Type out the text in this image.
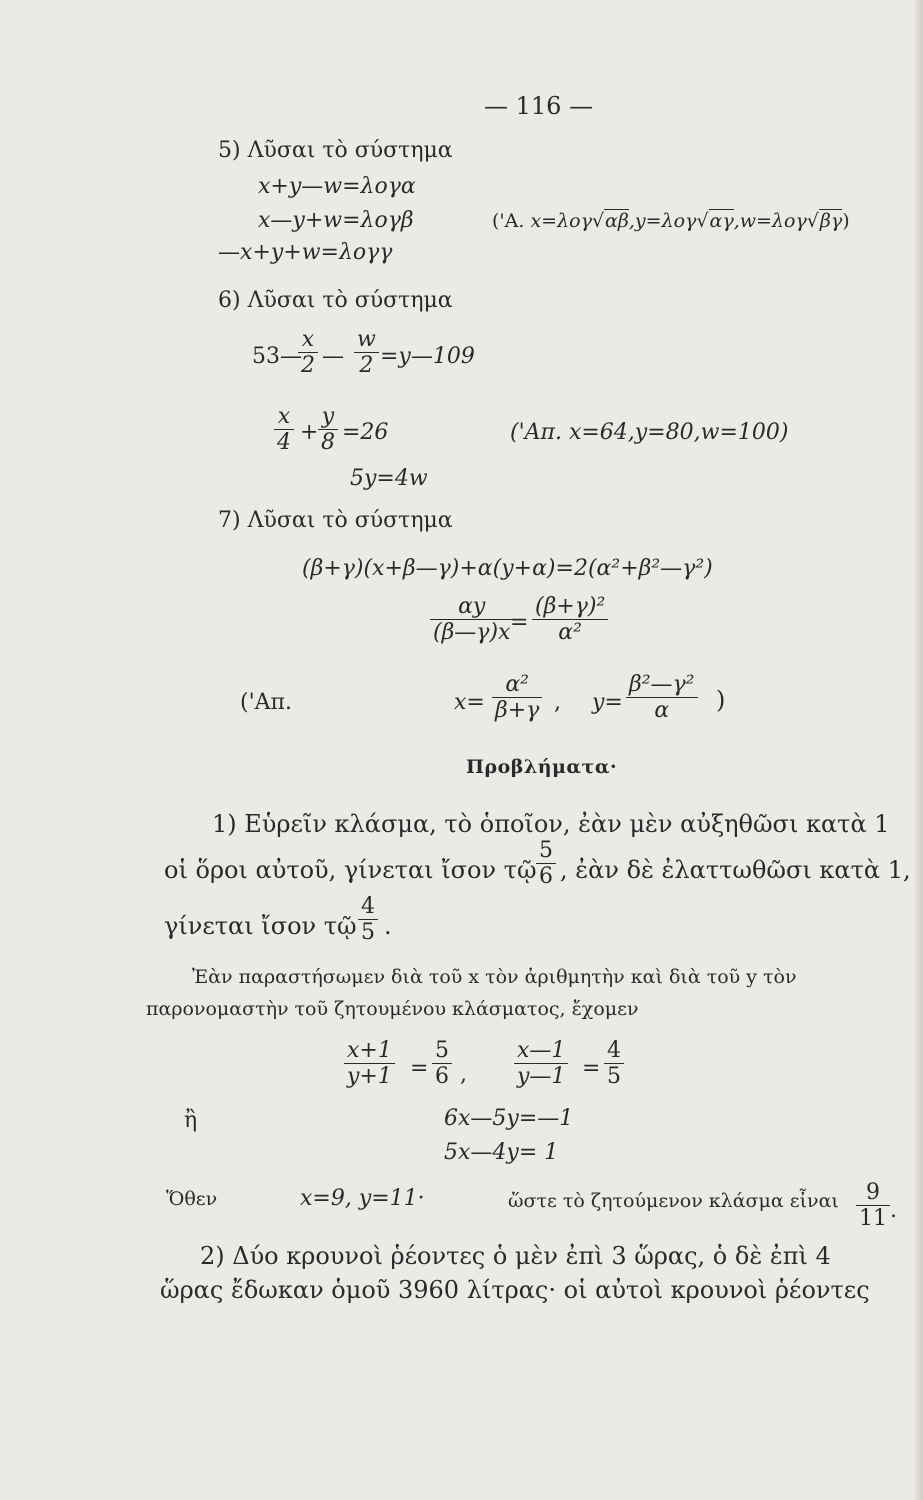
— 116 —
5) Λῦσαι τὸ σύστημα
x+y—w=λογα
x—y+w=λογβ
—x+y+w=λογγ
('Α. x=λογ√αβ,y=λογ√αγ,w=λογ√βγ)
6) Λῦσαι τὸ σύστημα
53—
$\frac{x}{2}$ — $\frac{w}{2}$ =y—109
$\frac{x}{4} + \frac{y}{8} =26$	('Απ. x=64,y=80,w=100)
5y=4w
7) Λῦσαι τὸ σύστημα
(β+γ)(x+β—γ)+α(y+α)=2(α²+β²—γ²)
$\frac{\alpha y}{(\beta—\gamma)x}$
= $\frac{\text{(β+γ)²}}{\text{α²}}$
('Απ.	$x= \frac{\text{α²}}{\beta+\gamma}$ , $y= \frac{\text{β²—γ²}}{\alpha}$ )
Προβλήματα·
1) Εὑρεῖν κλάσμα, τὸ ὁποῖον, ἐὰν μὲν αὐξηθῶσι κατὰ 1
οἱ ὅροι αὐτοῦ, γίνεται ἴσον τῷ $\frac{5}{6}$ , ἐὰν δὲ ἐλαττωθῶσι κατὰ 1,
γίνεται ἴσον τῷ $\frac{4}{5}$ .
Ἐὰν παραστήσωμεν διὰ τοῦ x τὸν ἀριθμητὴν καὶ διὰ τοῦ y τὸν
παρονομαστὴν τοῦ ζητουμένου κλάσματος, ἔχομεν
$\frac{x+1}{y+1} = \frac{5}{6}$ , $\frac{x—1}{y—1} = \frac{4}{5}$
ἢ	6x—5y=—1
5x—4y= 1
Ὅθεν	x=9, y=11·	ὥστε τὸ ζητούμενον κλάσμα εἶναι $\frac{9}{11}$ .
2) Δύο κρουνοὶ ῥέοντες ὁ μὲν ἐπὶ 3 ὥρας, ὁ δὲ ἐπὶ 4
ὥρας ἔδωκαν ὁμοῦ 3960 λίτρας· οἱ αὐτοὶ κρουνοὶ ῥέοντες
